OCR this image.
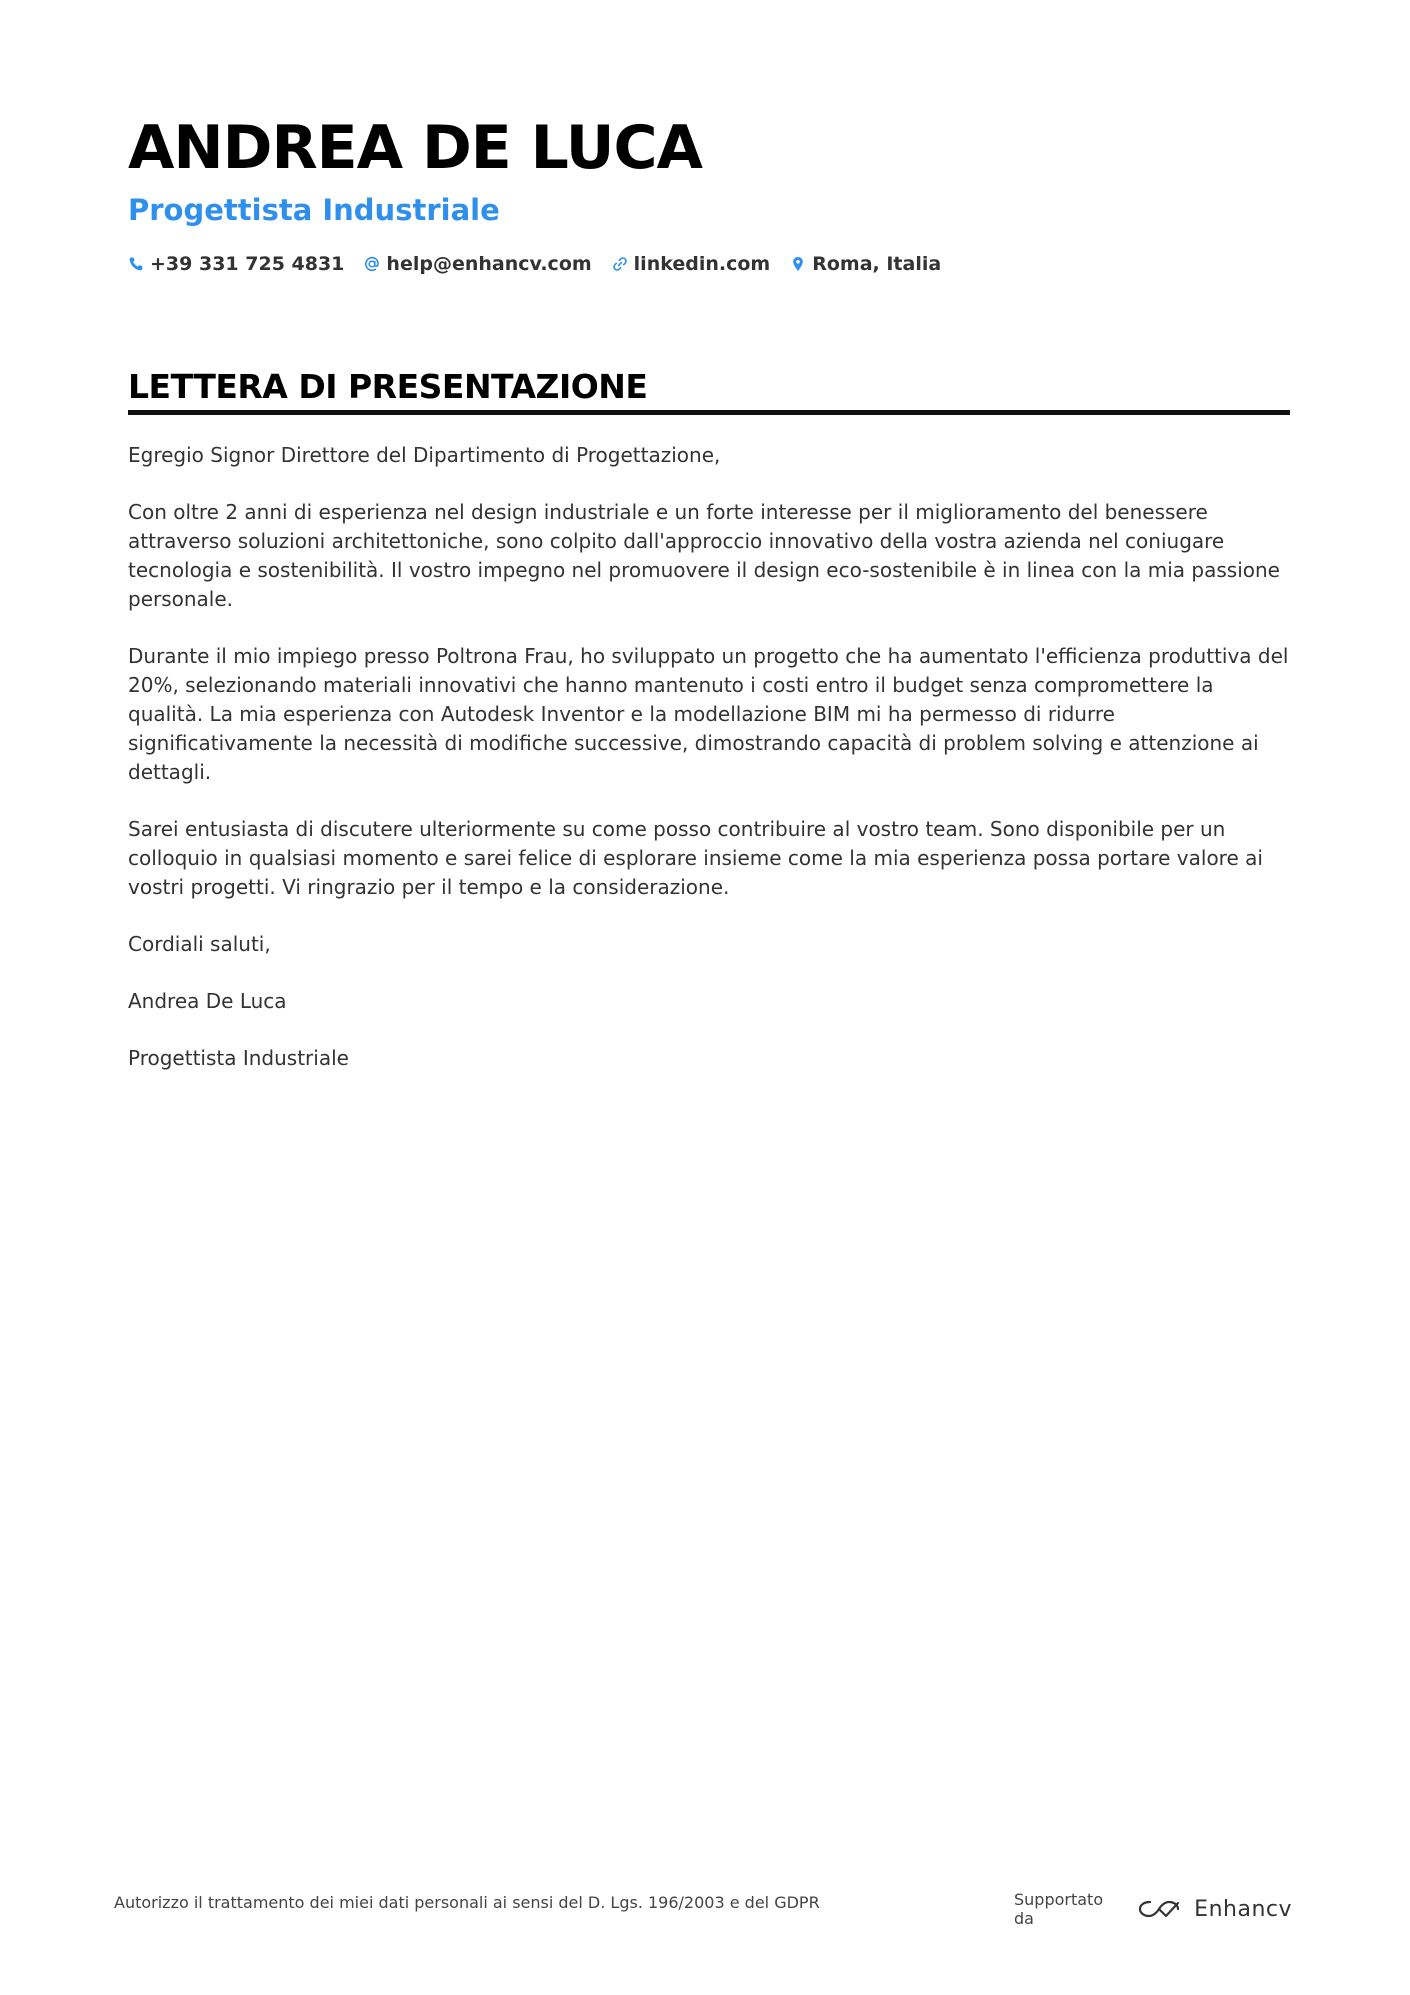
ANDREA DE LUCA
Progettista Industriale
+39 331 725 4831 help@enhancv.com linkedin.com Roma, Italia
LETTERA DI PRESENTAZIONE

Egregio Signor Direttore del Dipartimento di Progettazione,

Con oltre 2 anni di esperienza nel design industriale e un forte interesse per il miglioramento del benessere attraverso soluzioni architettoniche, sono colpito dall'approccio innovativo della vostra azienda nel coniugare tecnologia e sostenibilità. Il vostro impegno nel promuovere il design eco-sostenibile è in linea con la mia passione personale.

Durante il mio impiego presso Poltrona Frau, ho sviluppato un progetto che ha aumentato l'efficienza produttiva del 20%, selezionando materiali innovativi che hanno mantenuto i costi entro il budget senza compromettere la qualità. La mia esperienza con Autodesk Inventor e la modellazione BIM mi ha permesso di ridurre significativamente la necessità di modifiche successive, dimostrando capacità di problem solving e attenzione ai dettagli.

Sarei entusiasta di discutere ulteriormente su come posso contribuire al vostro team. Sono disponibile per un colloquio in qualsiasi momento e sarei felice di esplorare insieme come la mia esperienza possa portare valore ai vostri progetti. Vi ringrazio per il tempo e la considerazione.

Cordiali saluti,

Andrea De Luca

Progettista Industriale

Autorizzo il trattamento dei miei dati personali ai sensi del D. Lgs. 196/2003 e del GDPR	Supportato da	Enhancv
